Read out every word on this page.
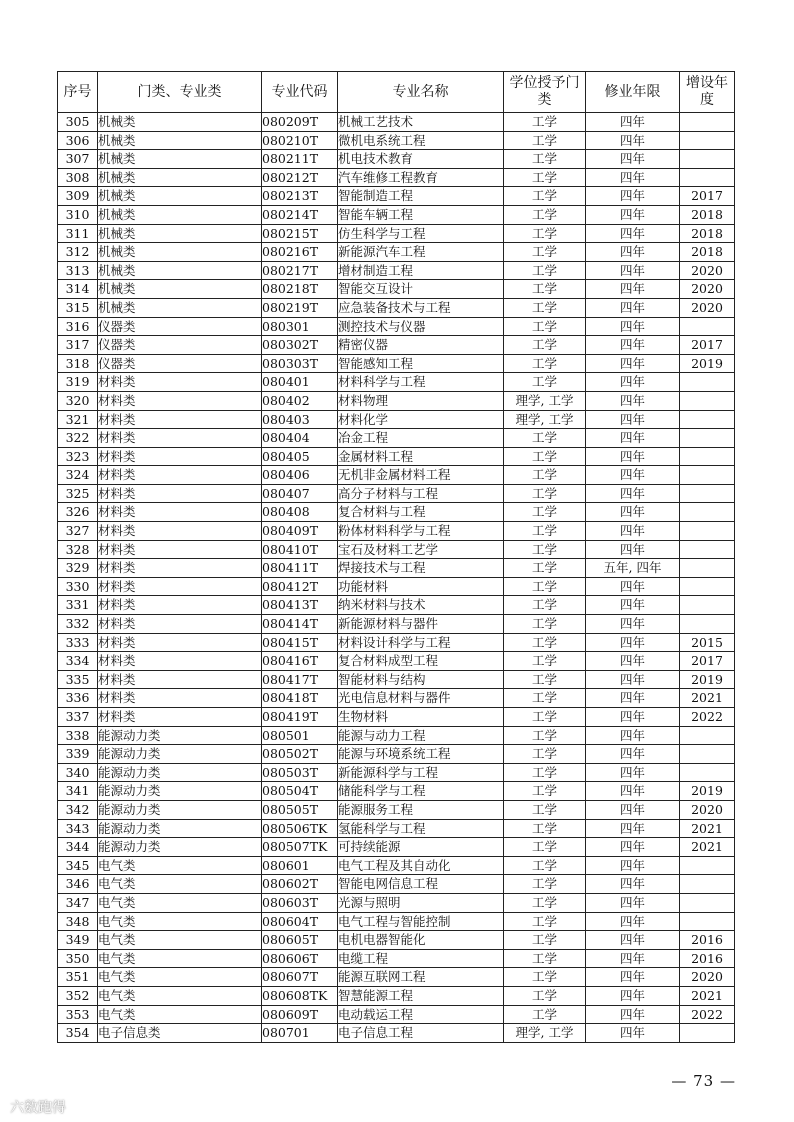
序号	门类、专业类	专业代码	专业名称	学位授予门类	修业年限	增设年度
305	机械类	080209T	机械工艺技术	工学	四年	
306	机械类	080210T	微机电系统工程	工学	四年	
307	机械类	080211T	机电技术教育	工学	四年	
308	机械类	080212T	汽车维修工程教育	工学	四年	
309	机械类	080213T	智能制造工程	工学	四年	2017
310	机械类	080214T	智能车辆工程	工学	四年	2018
311	机械类	080215T	仿生科学与工程	工学	四年	2018
312	机械类	080216T	新能源汽车工程	工学	四年	2018
313	机械类	080217T	增材制造工程	工学	四年	2020
314	机械类	080218T	智能交互设计	工学	四年	2020
315	机械类	080219T	应急装备技术与工程	工学	四年	2020
316	仪器类	080301	测控技术与仪器	工学	四年	
317	仪器类	080302T	精密仪器	工学	四年	2017
318	仪器类	080303T	智能感知工程	工学	四年	2019
319	材料类	080401	材料科学与工程	工学	四年	
320	材料类	080402	材料物理	理学, 工学	四年	
321	材料类	080403	材料化学	理学, 工学	四年	
322	材料类	080404	冶金工程	工学	四年	
323	材料类	080405	金属材料工程	工学	四年	
324	材料类	080406	无机非金属材料工程	工学	四年	
325	材料类	080407	高分子材料与工程	工学	四年	
326	材料类	080408	复合材料与工程	工学	四年	
327	材料类	080409T	粉体材料科学与工程	工学	四年	
328	材料类	080410T	宝石及材料工艺学	工学	四年	
329	材料类	080411T	焊接技术与工程	工学	五年, 四年	
330	材料类	080412T	功能材料	工学	四年	
331	材料类	080413T	纳米材料与技术	工学	四年	
332	材料类	080414T	新能源材料与器件	工学	四年	
333	材料类	080415T	材料设计科学与工程	工学	四年	2015
334	材料类	080416T	复合材料成型工程	工学	四年	2017
335	材料类	080417T	智能材料与结构	工学	四年	2019
336	材料类	080418T	光电信息材料与器件	工学	四年	2021
337	材料类	080419T	生物材料	工学	四年	2022
338	能源动力类	080501	能源与动力工程	工学	四年	
339	能源动力类	080502T	能源与环境系统工程	工学	四年	
340	能源动力类	080503T	新能源科学与工程	工学	四年	
341	能源动力类	080504T	储能科学与工程	工学	四年	2019
342	能源动力类	080505T	能源服务工程	工学	四年	2020
343	能源动力类	080506TK	氢能科学与工程	工学	四年	2021
344	能源动力类	080507TK	可持续能源	工学	四年	2021
345	电气类	080601	电气工程及其自动化	工学	四年	
346	电气类	080602T	智能电网信息工程	工学	四年	
347	电气类	080603T	光源与照明	工学	四年	
348	电气类	080604T	电气工程与智能控制	工学	四年	
349	电气类	080605T	电机电器智能化	工学	四年	2016
350	电气类	080606T	电缆工程	工学	四年	2016
351	电气类	080607T	能源互联网工程	工学	四年	2020
352	电气类	080608TK	智慧能源工程	工学	四年	2021
353	电气类	080609T	电动载运工程	工学	四年	2022
354	电子信息类	080701	电子信息工程	理学, 工学	四年	
— 73 —
六数跑得
